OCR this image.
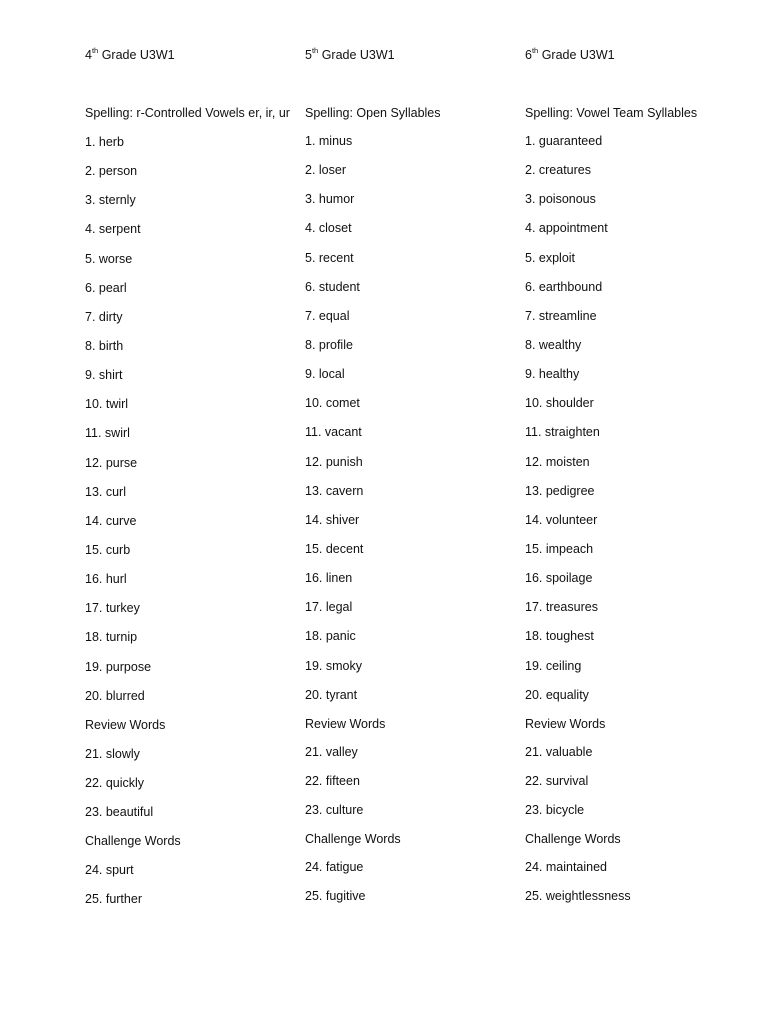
4th Grade U3W1
Spelling: r-Controlled Vowels er, ir, ur
1. herb
2. person
3. sternly
4. serpent
5. worse
6. pearl
7. dirty
8. birth
9. shirt
10. twirl
11. swirl
12. purse
13. curl
14. curve
15. curb
16. hurl
17. turkey
18. turnip
19. purpose
20. blurred
Review Words
21. slowly
22. quickly
23. beautiful
Challenge Words
24. spurt
25. further
5th Grade U3W1
Spelling: Open Syllables
1. minus
2. loser
3. humor
4. closet
5. recent
6. student
7. equal
8. profile
9. local
10. comet
11. vacant
12. punish
13. cavern
14. shiver
15. decent
16. linen
17. legal
18. panic
19. smoky
20. tyrant
Review Words
21. valley
22. fifteen
23. culture
Challenge Words
24. fatigue
25. fugitive
6th Grade U3W1
Spelling: Vowel Team Syllables
1. guaranteed
2. creatures
3. poisonous
4. appointment
5. exploit
6. earthbound
7. streamline
8. wealthy
9. healthy
10. shoulder
11. straighten
12. moisten
13. pedigree
14. volunteer
15. impeach
16. spoilage
17. treasures
18. toughest
19. ceiling
20. equality
Review Words
21. valuable
22. survival
23. bicycle
Challenge Words
24. maintained
25. weightlessness
